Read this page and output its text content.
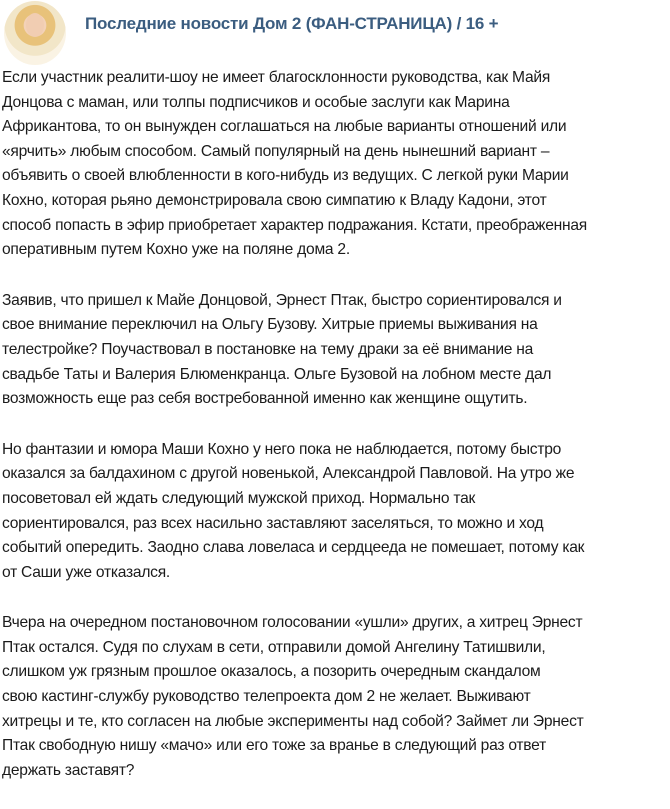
Последние новости Дом 2 (ФАН-СТРАНИЦА) / 16 +
Если участник реалити-шоу не имеет благосклонности руководства, как Майя
Донцова с маман, или толпы подписчиков и особые заслуги как Марина
Африкантова, то он вынужден соглашаться на любые варианты отношений или
«ярчить» любым способом. Самый популярный на день нынешний вариант –
объявить о своей влюбленности в кого-нибудь из ведущих. С легкой руки Марии
Кохно, которая рьяно демонстрировала свою симпатию к Владу Кадони, этот
способ попасть в эфир приобретает характер подражания. Кстати, преображенная
оперативным путем Кохно уже на поляне дома 2.
Заявив, что пришел к Майе Донцовой, Эрнест Птак, быстро сориентировался и
свое внимание переключил на Ольгу Бузову. Хитрые приемы выживания на
телестройке? Поучаствовал в постановке на тему драки за её внимание на
свадьбе Таты и Валерия Блюменкранца. Ольге Бузовой на лобном месте дал
возможность еще раз себя востребованной именно как женщине ощутить.
Но фантазии и юмора Маши Кохно у него пока не наблюдается, потому быстро
оказался за балдахином с другой новенькой, Александрой Павловой. На утро же
посоветовал ей ждать следующий мужской приход. Нормально так
сориентировался, раз всех насильно заставляют заселяться, то можно и ход
событий опередить. Заодно слава ловеласа и сердцееда не помешает, потому как
от Саши уже отказался.
Вчера на очередном постановочном голосовании «ушли» других, а хитрец Эрнест
Птак остался. Судя по слухам в сети, отправили домой Ангелину Татишвили,
слишком уж грязным прошлое оказалось, а позорить очередным скандалом
свою кастинг-службу руководство телепроекта дом 2 не желает. Выживают
хитрецы и те, кто согласен на любые эксперименты над собой? Займет ли Эрнест
Птак свободную нишу «мачо» или его тоже за вранье в следующий раз ответ
держать заставят?
